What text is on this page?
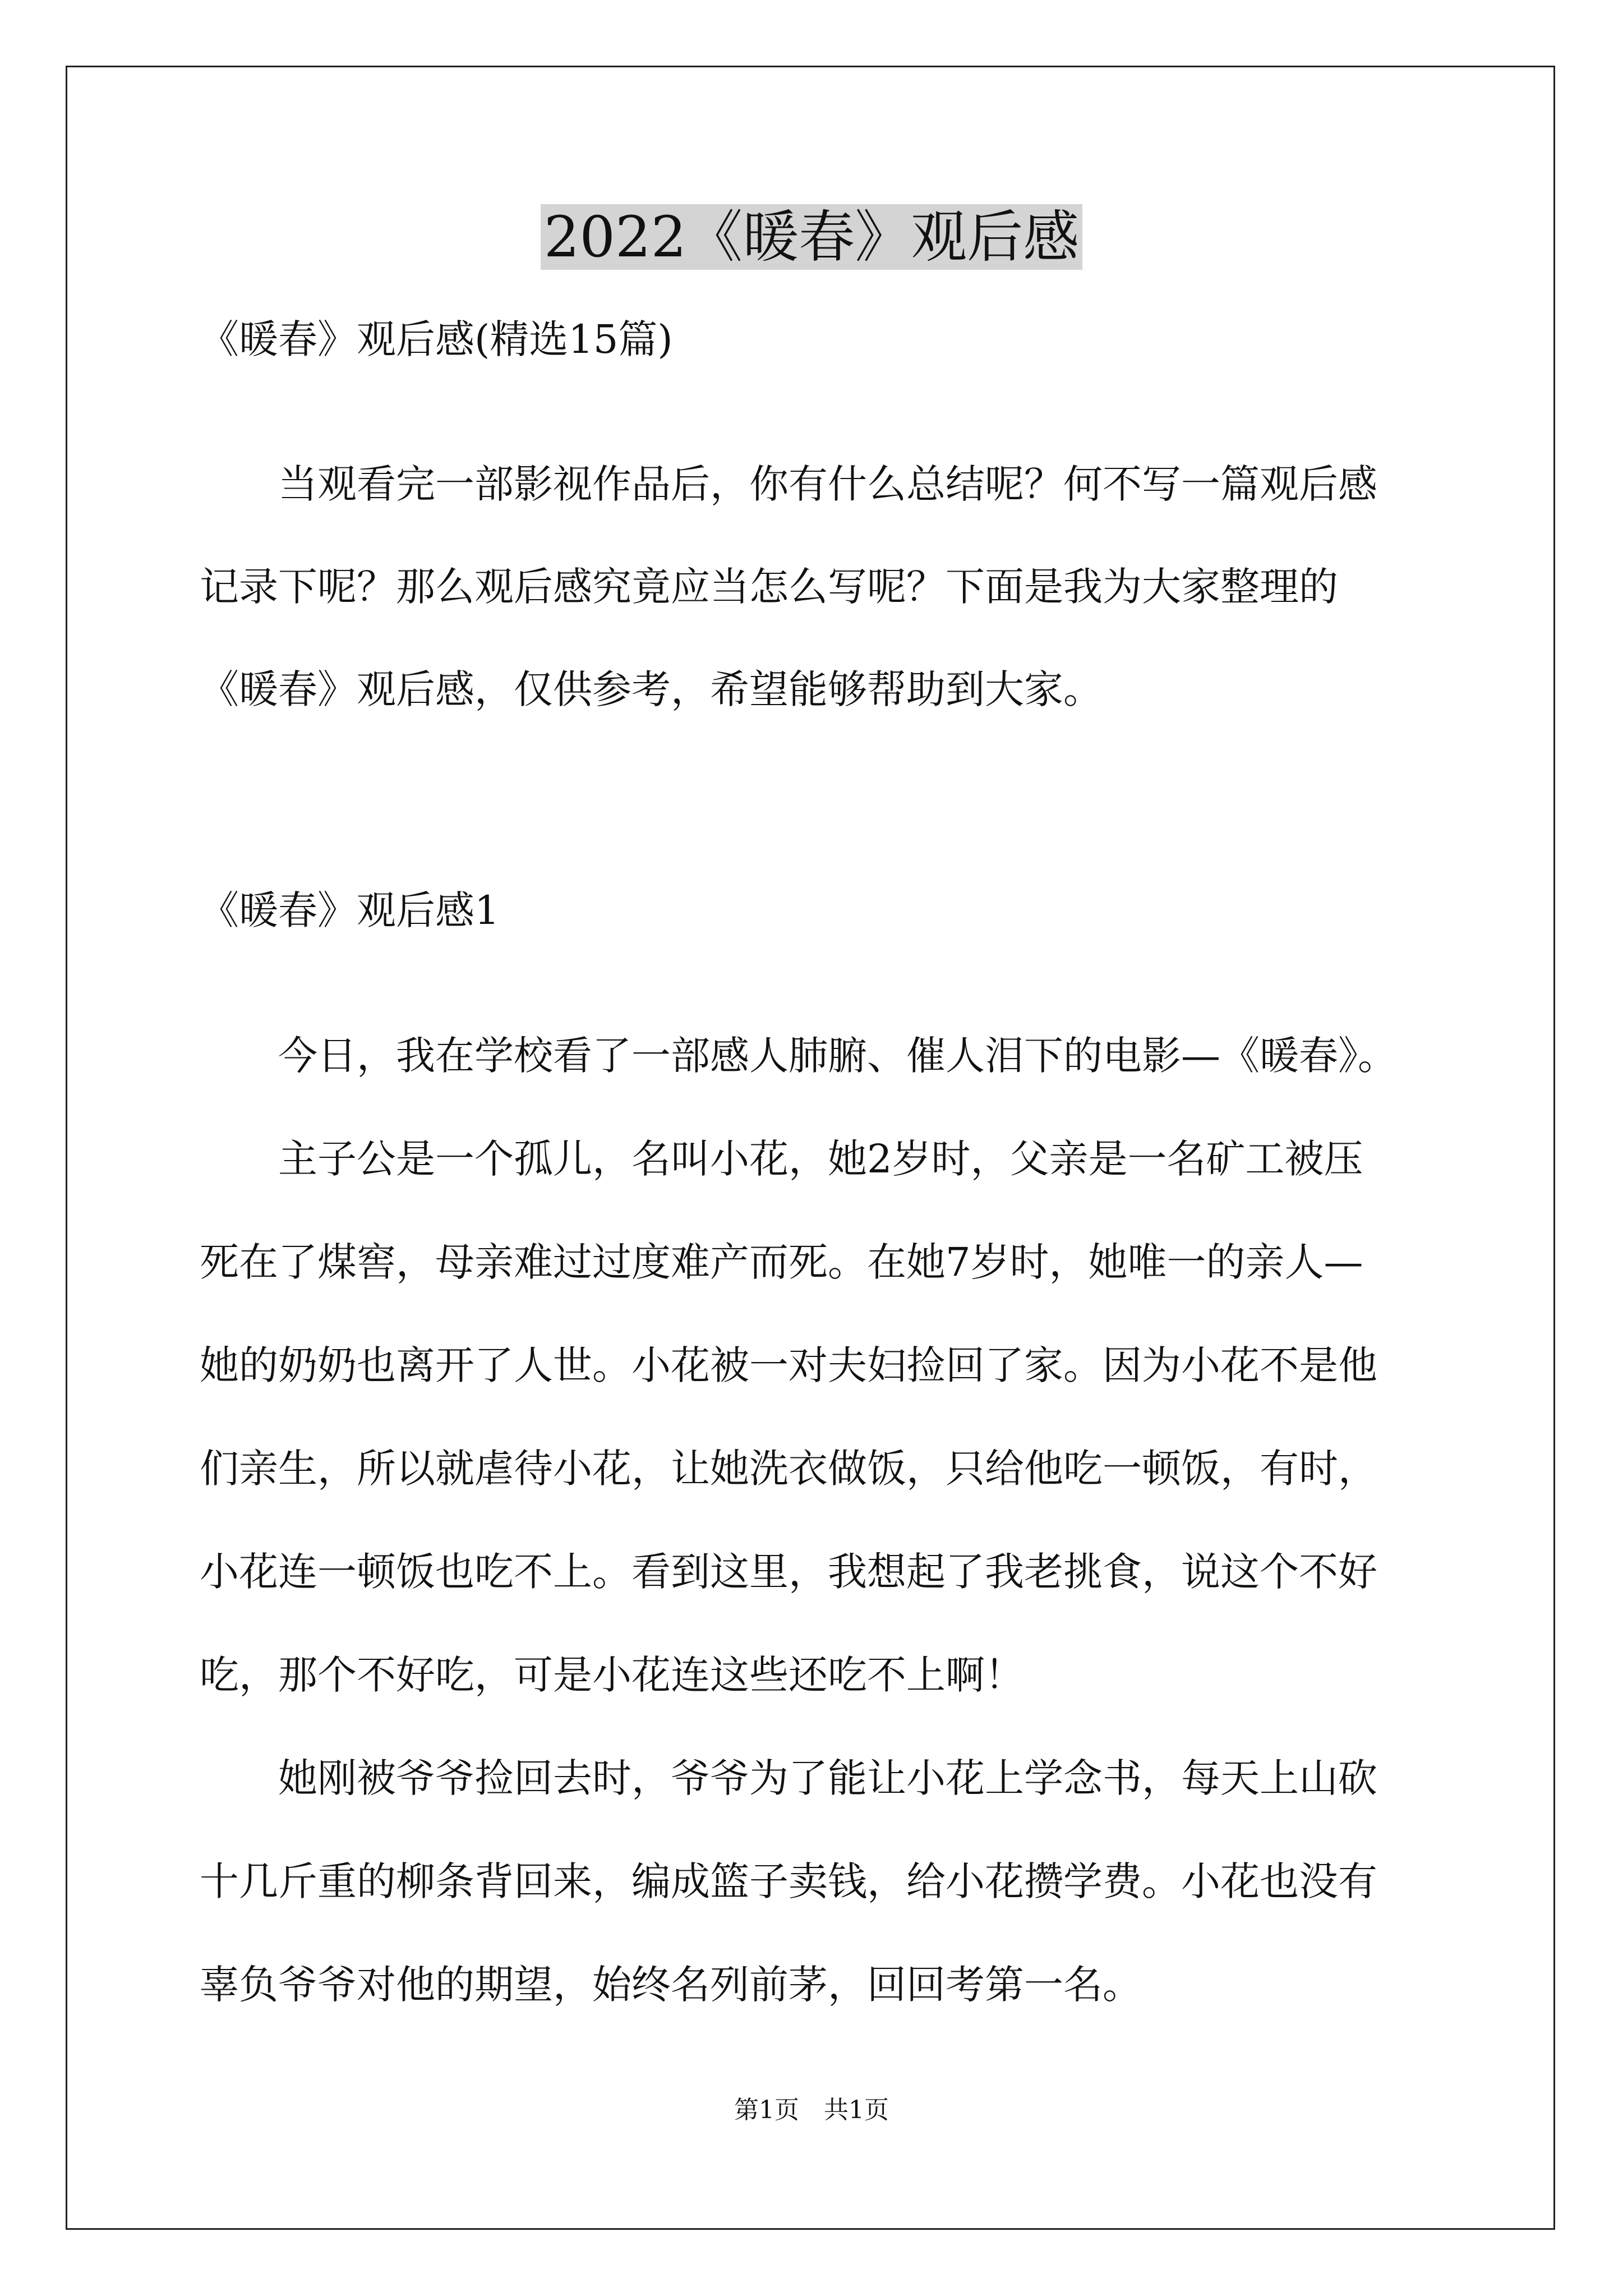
2022《暖春》观后感

《暖春》观后感(精选15篇)

　　当观看完一部影视作品后，你有什么总结呢？何不写一篇观后感

记录下呢？那么观后感究竟应当怎么写呢？下面是我为大家整理的

《暖春》观后感，仅供参考，希望能够帮助到大家。

《暖春》观后感1

　　今日，我在学校看了一部感人肺腑、催人泪下的电影—《暖春》。

　　主子公是一个孤儿，名叫小花，她2岁时，父亲是一名矿工被压

死在了煤窖，母亲难过过度难产而死。在她7岁时，她唯一的亲人—

她的奶奶也离开了人世。小花被一对夫妇捡回了家。因为小花不是他

们亲生，所以就虐待小花，让她洗衣做饭，只给他吃一顿饭，有时，

小花连一顿饭也吃不上。看到这里，我想起了我老挑食，说这个不好

吃，那个不好吃，可是小花连这些还吃不上啊！

　　她刚被爷爷捡回去时，爷爷为了能让小花上学念书，每天上山砍

十几斤重的柳条背回来，编成篮子卖钱，给小花攒学费。小花也没有

辜负爷爷对他的期望，始终名列前茅，回回考第一名。

第1页　共1页
